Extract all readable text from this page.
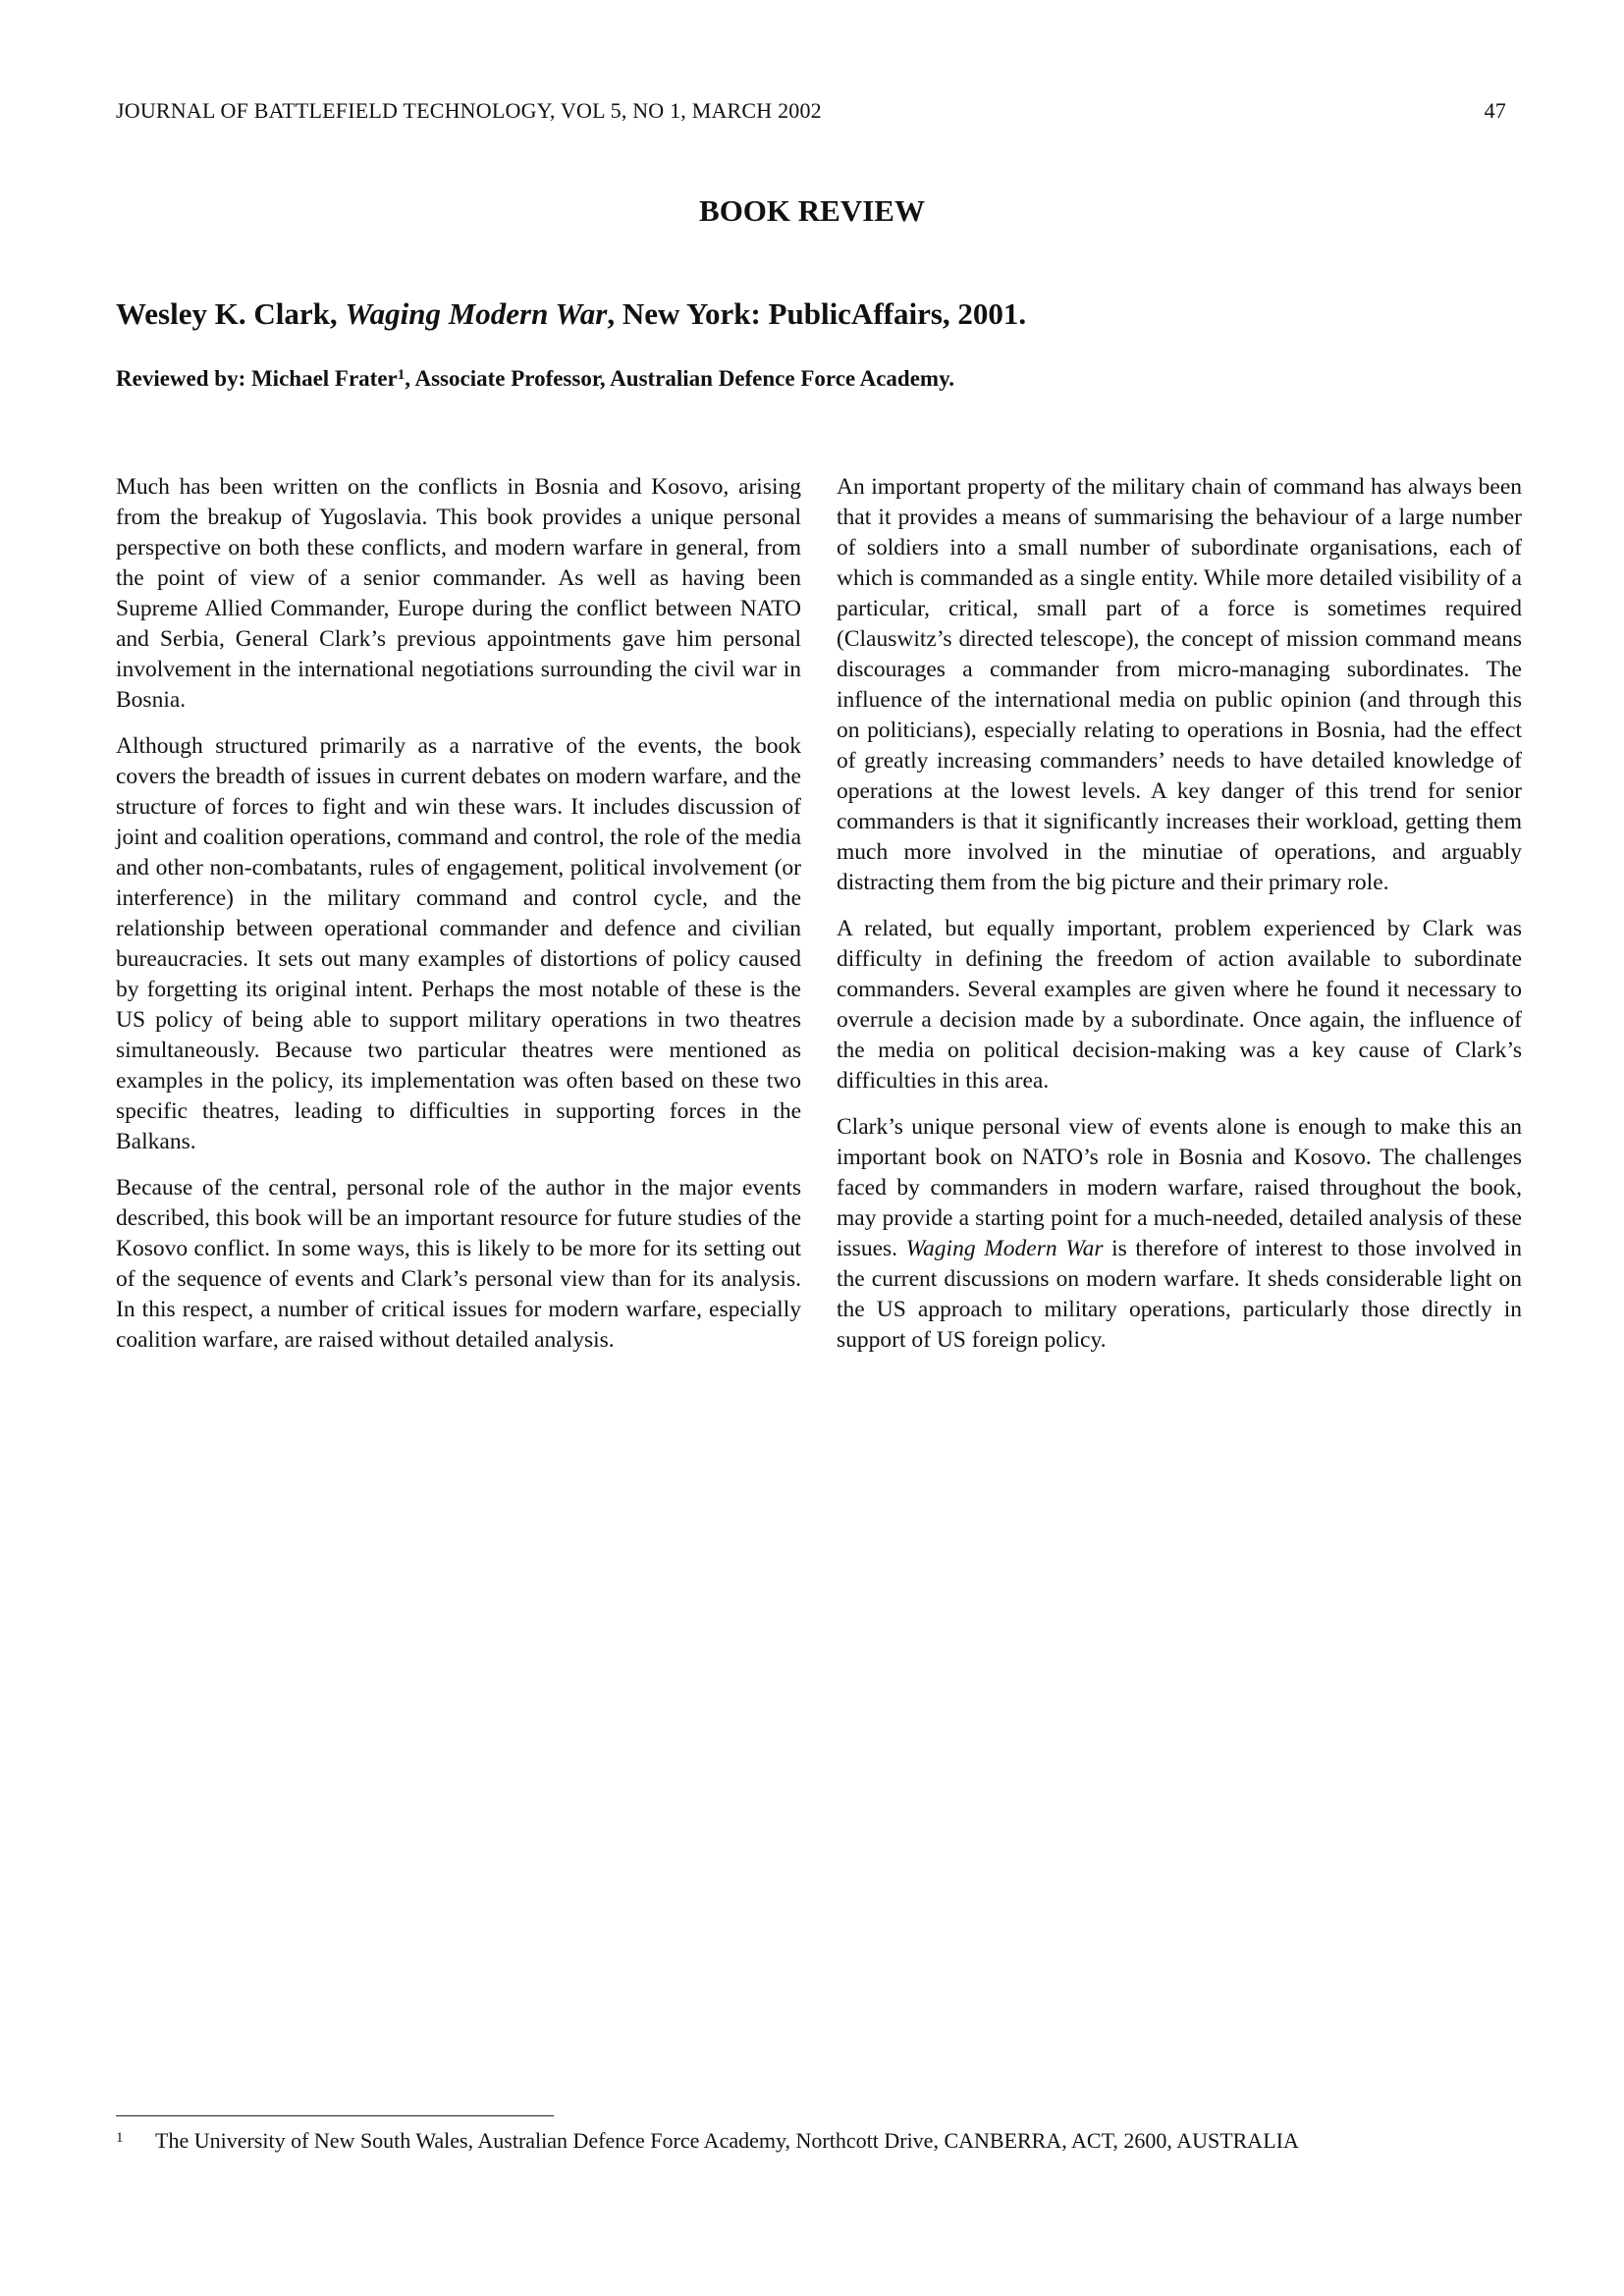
JOURNAL OF BATTLEFIELD TECHNOLOGY, VOL 5, NO 1, MARCH 2002	47
BOOK REVIEW
Wesley K. Clark, Waging Modern War, New York: PublicAffairs, 2001.

Reviewed by: Michael Frater$^1$, Associate Professor, Australian Defence Force Academy.

Much has been written on the conflicts in Bosnia and Kosovo, arising from the breakup of Yugoslavia. This book provides a unique personal perspective on both these conflicts, and modern warfare in general, from the point of view of a senior commander. As well as having been Supreme Allied Commander, Europe during the conflict between NATO and Serbia, General Clark’s previous appointments gave him personal involvement in the international negotiations surrounding the civil war in Bosnia.

Although structured primarily as a narrative of the events, the book covers the breadth of issues in current debates on modern warfare, and the structure of forces to fight and win these wars. It includes discussion of joint and coalition operations, command and control, the role of the media and other non-combatants, rules of engagement, political involvement (or interference) in the military command and control cycle, and the relationship between operational commander and defence and civilian bureaucracies. It sets out many examples of distortions of policy caused by forgetting its original intent. Perhaps the most notable of these is the US policy of being able to support military operations in two theatres simultaneously. Because two particular theatres were mentioned as examples in the policy, its implementation was often based on these two specific theatres, leading to difficulties in supporting forces in the Balkans.

Because of the central, personal role of the author in the major events described, this book will be an important resource for future studies of the Kosovo conflict. In some ways, this is likely to be more for its setting out of the sequence of events and Clark’s personal view than for its analysis. In this respect, a number of critical issues for modern warfare, especially coalition warfare, are raised without detailed analysis.

An important property of the military chain of command has always been that it provides a means of summarising the behaviour of a large number of soldiers into a small number of subordinate organisations, each of which is commanded as a single entity. While more detailed visibility of a particular, critical, small part of a force is sometimes required (Clauswitz’s directed telescope), the concept of mission command means discourages a commander from micro-managing subordinates. The influence of the international media on public opinion (and through this on politicians), especially relating to operations in Bosnia, had the effect of greatly increasing commanders’ needs to have detailed knowledge of operations at the lowest levels. A key danger of this trend for senior commanders is that it significantly increases their workload, getting them much more involved in the minutiae of operations, and arguably distracting them from the big picture and their primary role.

A related, but equally important, problem experienced by Clark was difficulty in defining the freedom of action available to subordinate commanders. Several examples are given where he found it necessary to overrule a decision made by a subordinate. Once again, the influence of the media on political decision-making was a key cause of Clark’s difficulties in this area.

Clark’s unique personal view of events alone is enough to make this an important book on NATO’s role in Bosnia and Kosovo. The challenges faced by commanders in modern warfare, raised throughout the book, may provide a starting point for a much-needed, detailed analysis of these issues. Waging Modern War is therefore of interest to those involved in the current discussions on modern warfare. It sheds considerable light on the US approach to military operations, particularly those directly in support of US foreign policy.

1 The University of New South Wales, Australian Defence Force Academy, Northcott Drive, CANBERRA, ACT, 2600, AUSTRALIA
